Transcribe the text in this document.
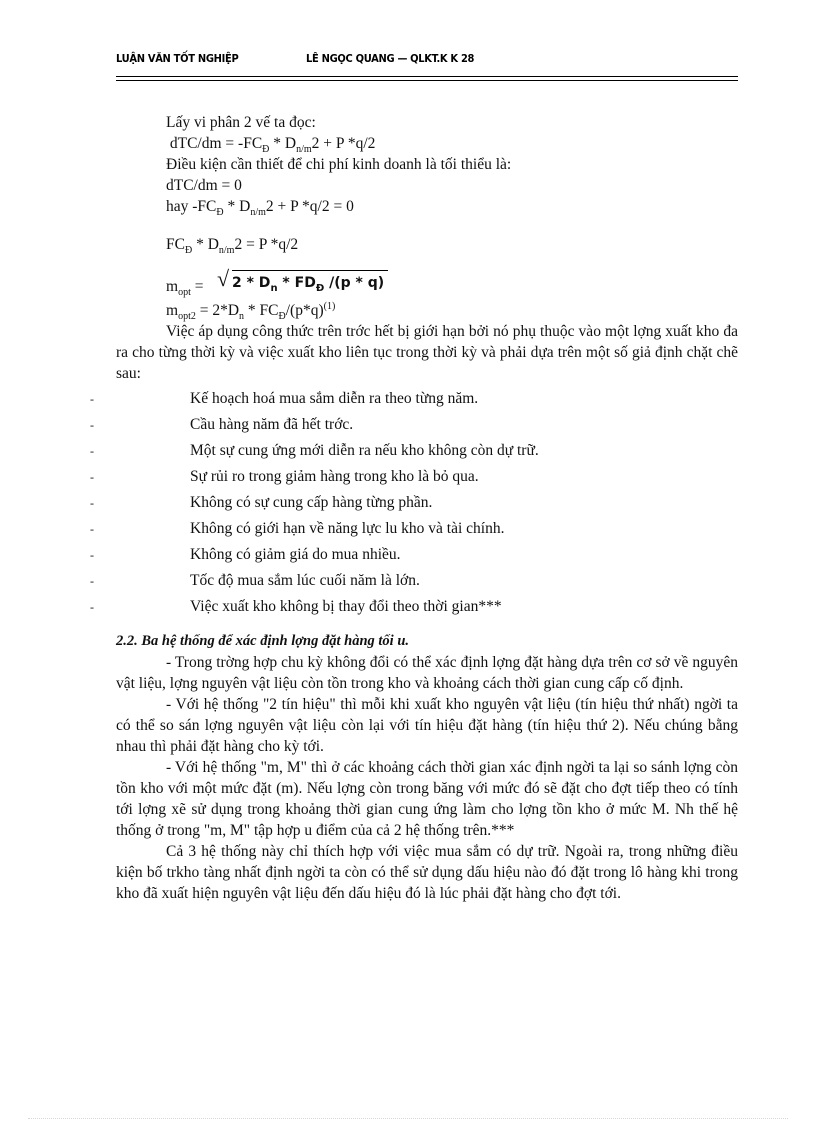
LUẬN VĂN TỐT NGHIỆP	LÊ NGỌC QUANG — QLKT.K K 28
Lấy vi phân 2 vế ta đọc:
$dTC/dm = -FC_Đ * D_{n/m}2 + P$ *q/2
Điều kiện cần thiết để chi phí kinh doanh là tối thiểu là:
dTC/dm = 0
hay $-FC_Đ * D_{n/m}2 + P$ *q/2 = 0
$FC_Đ * D_{n/m}2 = P$ *q/2
$m_{opt}$ = √ $2 * D_n * FD_Đ$ /(p * q)
$m_{opt2} = 2*D_n * FC_Đ/(p*q)^{(1)}$
Việc áp dụng công thức trên trớc hết bị giới hạn bởi nó phụ thuộc vào một lợng xuất kho đa ra cho từng thời kỳ và việc xuất kho liên tục trong thời kỳ và phải dựa trên một số giả định chặt chẽ sau:
-	Kế hoạch hoá mua sắm diễn ra theo từng năm.
-	Cầu hàng năm đã hết trớc.
-	Một sự cung ứng mới diễn ra nếu kho không còn dự trữ.
-	Sự rủi ro trong giảm hàng trong kho là bỏ qua.
-	Không có sự cung cấp hàng từng phần.
-	Không có giới hạn về năng lực lu kho và tài chính.
-	Không có giảm giá do mua nhiều.
-	Tốc độ mua sắm lúc cuối năm là lớn.
-	Việc xuất kho không bị thay đổi theo thời gian***
2.2. Ba hệ thống để xác định lợng đặt hàng tối u.
- Trong trờng hợp chu kỳ không đổi có thể xác định lợng đặt hàng dựa trên cơ sở về nguyên vật liệu, lợng nguyên vật liệu còn tồn trong kho và khoảng cách thời gian cung cấp cố định.
- Với hệ thống "2 tín hiệu" thì mỗi khi xuất kho nguyên vật liệu (tín hiệu thứ nhất) ngời ta có thể so sán lợng nguyên vật liệu còn lại với tín hiệu đặt hàng (tín hiệu thứ 2). Nếu chúng bằng nhau thì phải đặt hàng cho kỳ tới.
- Với hệ thống "m, M" thì ở các khoảng cách thời gian xác định ngời ta lại so sánh lợng còn tồn kho với một mức đặt (m). Nếu lợng còn trong băng với mức đó sẽ đặt cho đợt tiếp theo có tính tới lợng xẽ sử dụng trong khoảng thời gian cung ứng làm cho lợng tồn kho ở mức M. Nh thế hệ thống ở trong "m, M" tập hợp u điểm của cả 2 hệ thống trên.***
Cả 3 hệ thống này chỉ thích hợp với việc mua sắm có dự trữ. Ngoài ra, trong những điều kiện bố trkho tàng nhất định ngời ta còn có thể sử dụng dấu hiệu nào đó đặt trong lô hàng khi trong kho đã xuất hiện nguyên vật liệu đến dấu hiệu đó là lúc phải đặt hàng cho đợt tới.
